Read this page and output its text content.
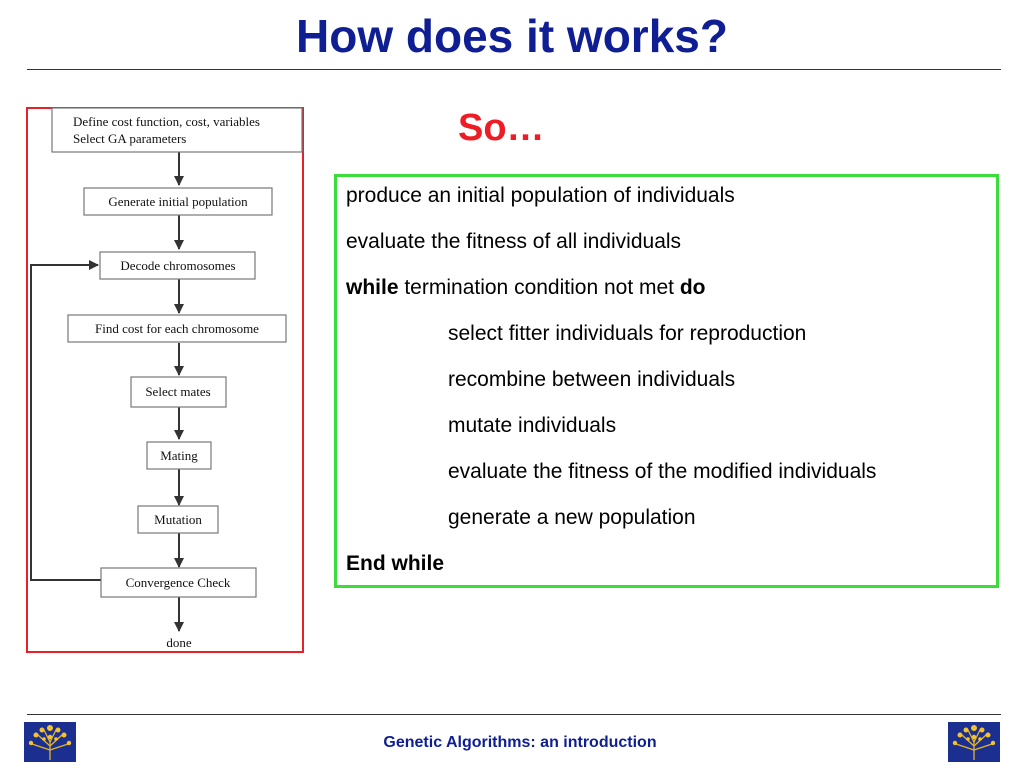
How does it works?
Define cost function, cost, variables
Select GA parameters
Generate initial population
Decode chromosomes
Find cost for each chromosome
Select mates
Mating
Mutation
Convergence Check
done
So…
produce an initial population of individuals
evaluate the fitness of all individuals
while termination condition not met do
select fitter individuals for reproduction
recombine between individuals
mutate individuals
evaluate the fitness of the modified individuals
generate a new population
End while
Genetic Algorithms: an introduction
